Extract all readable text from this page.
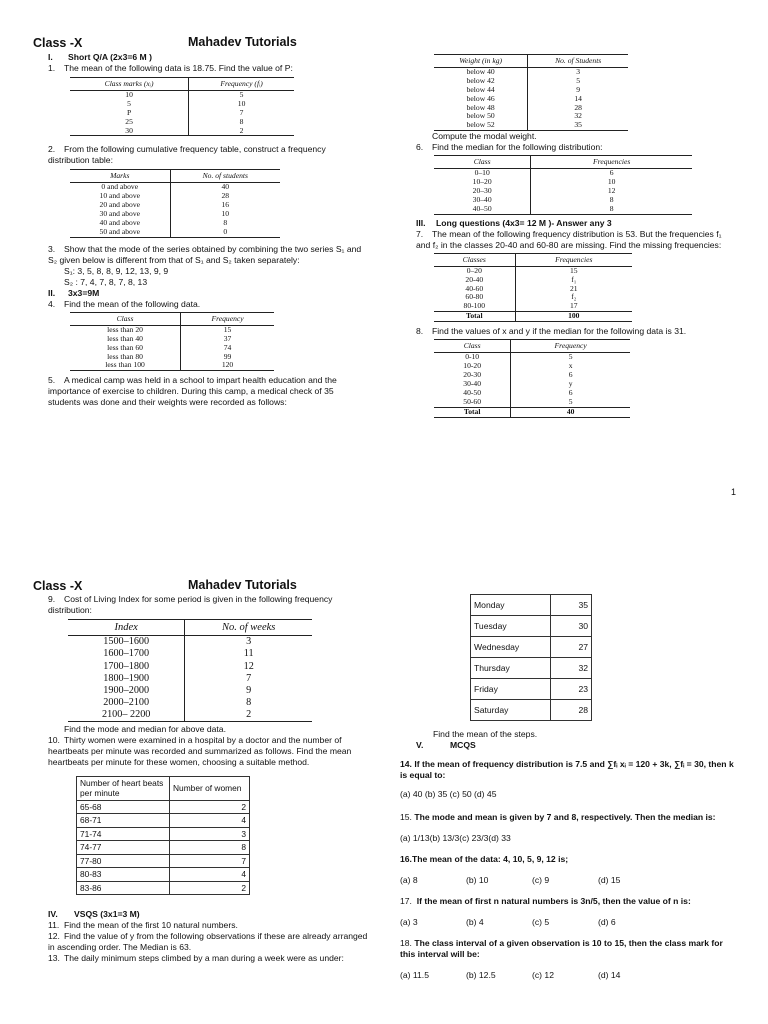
Class -X	Mahadev Tutorials
I. Short Q/A (2x3=6 M )
1. The mean of the following data is 18.75. Find the value of P:
Class marks (xᵢ)	Frequency (fᵢ)
10	5
5	10
P	7
25	8
30	2
2. From the following cumulative frequency table, construct a frequency distribution table:
Marks	No. of students
0 and above	40
10 and above	28
20 and above	16
30 and above	10
40 and above	8
50 and above	0
3. Show that the mode of the series obtained by combining the two series S₁ and S₂ given below is different from that of S₁ and S₂ taken separately:
S₁: 3, 5, 8, 8, 9, 12, 13, 9, 9
S₂ : 7, 4, 7, 8, 7, 8, 13
II. 3x3=9M
4. Find the mean of the following data.
Class	Frequency
less than 20	15
less than 40	37
less than 60	74
less than 80	99
less than 100	120
5. A medical camp was held in a school to impart health education and the importance of exercise to children. During this camp, a medical check of 35 students was done and their weights were recorded as follows:
Weight (in kg)	No. of Students
below 40	3
below 42	5
below 44	9
below 46	14
below 48	28
below 50	32
below 52	35
Compute the modal weight.
6. Find the median for the following distribution:
Class	Frequencies
0–10	6
10–20	10
20–30	12
30–40	8
40–50	8
III. Long questions (4x3= 12 M )- Answer any 3
7. The mean of the following frequency distribution is 53. But the frequencies f₁ and f₂ in the classes 20-40 and 60-80 are missing. Find the missing frequencies:
Classes	Frequencies
0–20	15
20-40	f₁
40-60	21
60-80	f₂
80-100	17
Total	100
8. Find the values of x and y if the median for the following data is 31.
Class	Frequency
0-10	5
10-20	x
20-30	6
30-40	y
40-50	6
50-60	5
Total	40
1
Class -X	Mahadev Tutorials
9. Cost of Living Index for some period is given in the following frequency distribution:
Index	No. of weeks
1500–1600	3
1600–1700	11
1700–1800	12
1800–1900	7
1900–2000	9
2000–2100	8
2100– 2200	2
Find the mode and median for above data.
10. Thirty women were examined in a hospital by a doctor and the number of heartbeats per minute was recorded and summarized as follows. Find the mean heartbeats per minute for these women, choosing a suitable method.
Number of heart beats per minute	Number of women
65-68	2
68-71	4
71-74	3
74-77	8
77-80	7
80-83	4
83-86	2
IV. VSQS (3x1=3 M)
11. Find the mean of the first 10 natural numbers.
12. Find the value of y from the following observations if these are already arranged in ascending order. The Median is 63.
13. The daily minimum steps climbed by a man during a week were as under:
Monday	35
Tuesday	30
Wednesday	27
Thursday	32
Friday	23
Saturday	28
Find the mean of the steps.
V.	MCQS
14. If the mean of frequency distribution is 7.5 and ∑fᵢ xᵢ = 120 + 3k, ∑fᵢ = 30, then k is equal to:
(a) 40 (b) 35 (c) 50 (d) 45
15. The mode and mean is given by 7 and 8, respectively. Then the median is:
(a) 1/13(b) 13/3(c) 23/3(d) 33
16.The mean of the data: 4, 10, 5, 9, 12 is;
(a) 8	(b) 10	(c) 9	(d) 15
17. If the mean of first n natural numbers is 3n/5, then the value of n is:
(a) 3	(b) 4	(c) 5	(d) 6
18. The class interval of a given observation is 10 to 15, then the class mark for this interval will be:
(a) 11.5	(b) 12.5	(c) 12	(d) 14
